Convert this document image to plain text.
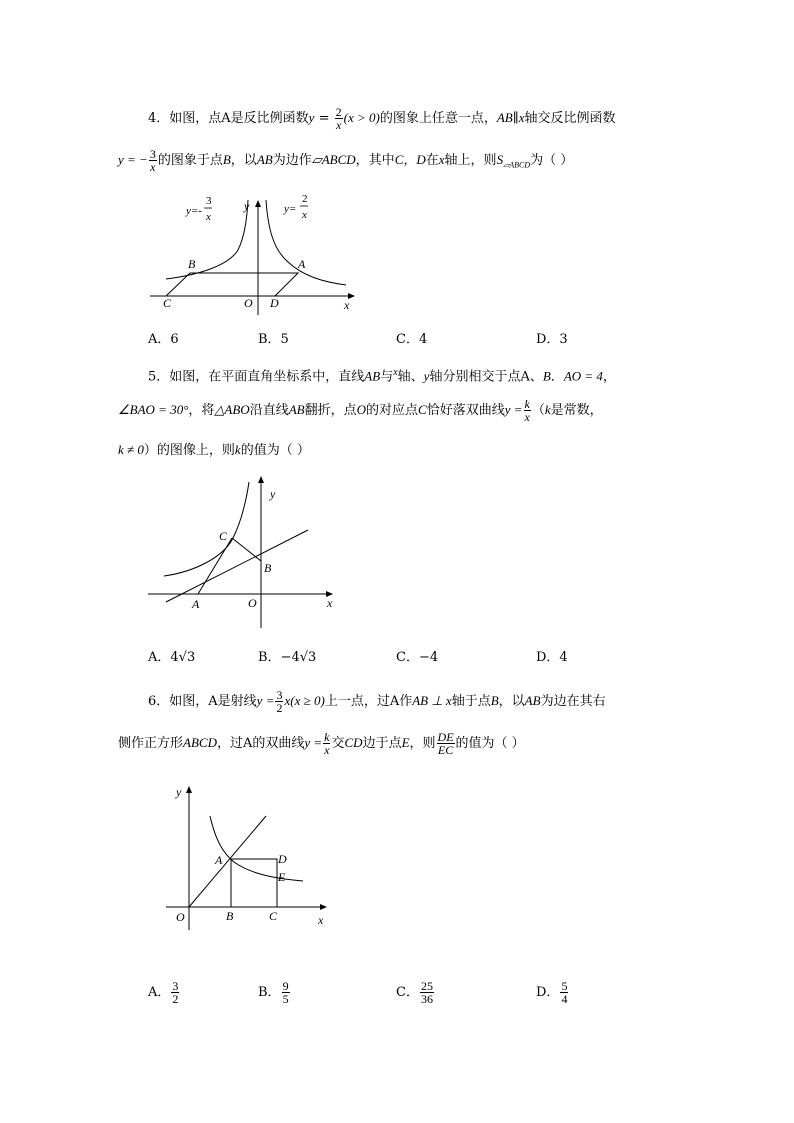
4．如图，点A是反比例函数$y = \frac{2}{x} (x > 0)$的图象上任意一点，AB∥x轴交反比例函数
y = − $\frac{3}{x}$ 的图象于点B，以AB为边作▱ABCD，其中C，D在x轴上，则$S_{▱ABCD}$为（ ）
y=-
3
x
y=
2
x
y
x
A
B
C	D
O
A．6	B．5	C．4	D．3
5．如图，在平面直角坐标系中，直线AB与$^x$轴、y轴分别相交于点A、B．AO = 4，
∠BAO = 30°，将△ABO沿直线AB翻折，点O的对应点C恰好落双曲线$y = \frac{k}{x} (k$是常数，
k ≠ 0）的图像上，则k的值为（ ）
y
x
A
B
C
O
A．4√3	B．−4√3	C．−4	D．4
6．如图，A是射线$y = \frac{3}{2} x(x \ge 0)$上一点，过A作AB ⊥ x轴于点B，以AB为边在其右
侧作正方形ABCD，过A的双曲线$y = \frac{k}{x}$ 交CD边于点E，则 $\frac{DE}{EC}$ 的值为（ ）
y
x
A
B	C
D
E
O
A． $\frac{3}{2}$	B． $\frac{9}{5}$	C． $\frac{25}{36}$	D． $\frac{5}{4}$
